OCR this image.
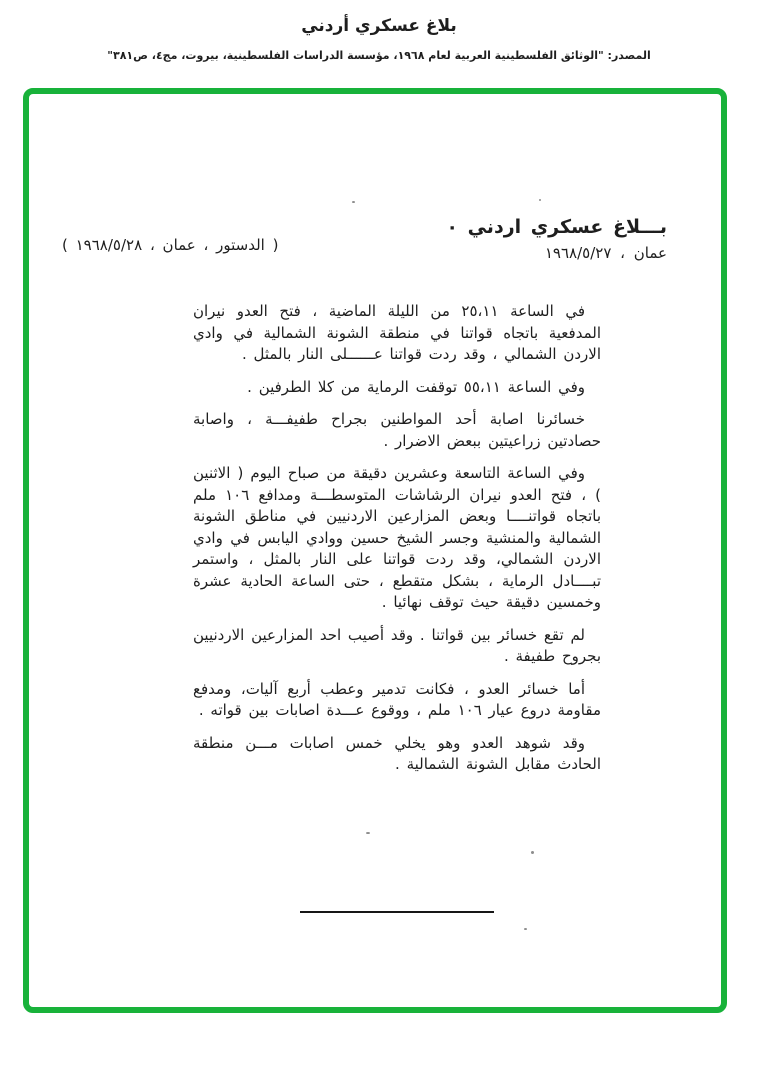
بلاغ عسكري أردني
المصدر: "الوثائق الفلسطينية العربية لعام ١٩٦٨، مؤسسة الدراسات الفلسطينية، بيروت، مج٤، ص٣٨١"
بـــلاغ عسكري اردني ٠
عمان ، ٢٧‏/‏٥‏/‏١٩٦٨
( الدستور ، عمان ، ٢٨‏/‏٥‏/‏١٩٦٨ )

في الساعة ١١‏،‏٢٥ من الليلة الماضية ، فتح العدو نيران المدفعية باتجاه قواتنا في منطقة الشونة الشمالية في وادي الاردن الشمالي ، وقد ردت قواتنا عــــــلى النار بالمثل .

وفي الساعة ١١‏،‏٥٥ توقفت الرماية من كلا الطرفين .

خسائرنا اصابة أحد المواطنين بجراح طفيفـــة ، واصابة حصادتين زراعيتين ببعض الاضرار .

وفي الساعة التاسعة وعشرين دقيقة من صباح اليوم ( الاثنين ) ، فتح العدو نيران الرشاشات المتوسطـــة ومدافع ١٠٦ ملم باتجاه قواتنــــا وبعض المزارعين الاردنيين في مناطق الشونة الشمالية والمنشية وجسر الشيخ حسين ووادي اليابس في وادي الاردن الشمالي، وقد ردت قواتنا على النار بالمثل ، واستمر تبــــادل الرماية ، بشكل متقطع ، حتى الساعة الحادية عشرة وخمسين دقيقة حيث توقف نهائيا .

لم تقع خسائر بين قواتنا . وقد أصيب احد المزارعين الاردنيين بجروح طفيفة .

أما خسائر العدو ، فكانت تدمير وعطب أربع آليات، ومدفع مقاومة دروع عيار ١٠٦ ملم ، ووقوع عـــدة اصابات بين قواته .

وقد شوهد العدو وهو يخلي خمس اصابات مـــن منطقة الحادث مقابل الشونة الشمالية .
